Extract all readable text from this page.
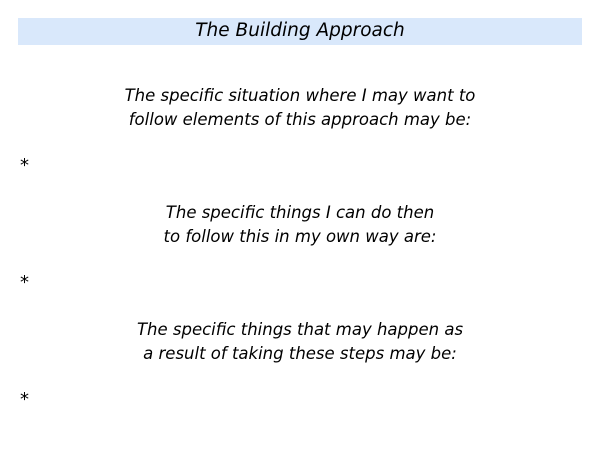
The Building Approach
The specific situation where I may want to
follow elements of this approach may be:
*
The specific things I can do then
to follow this in my own way are:
*
The specific things that may happen as
a result of taking these steps may be:
*
